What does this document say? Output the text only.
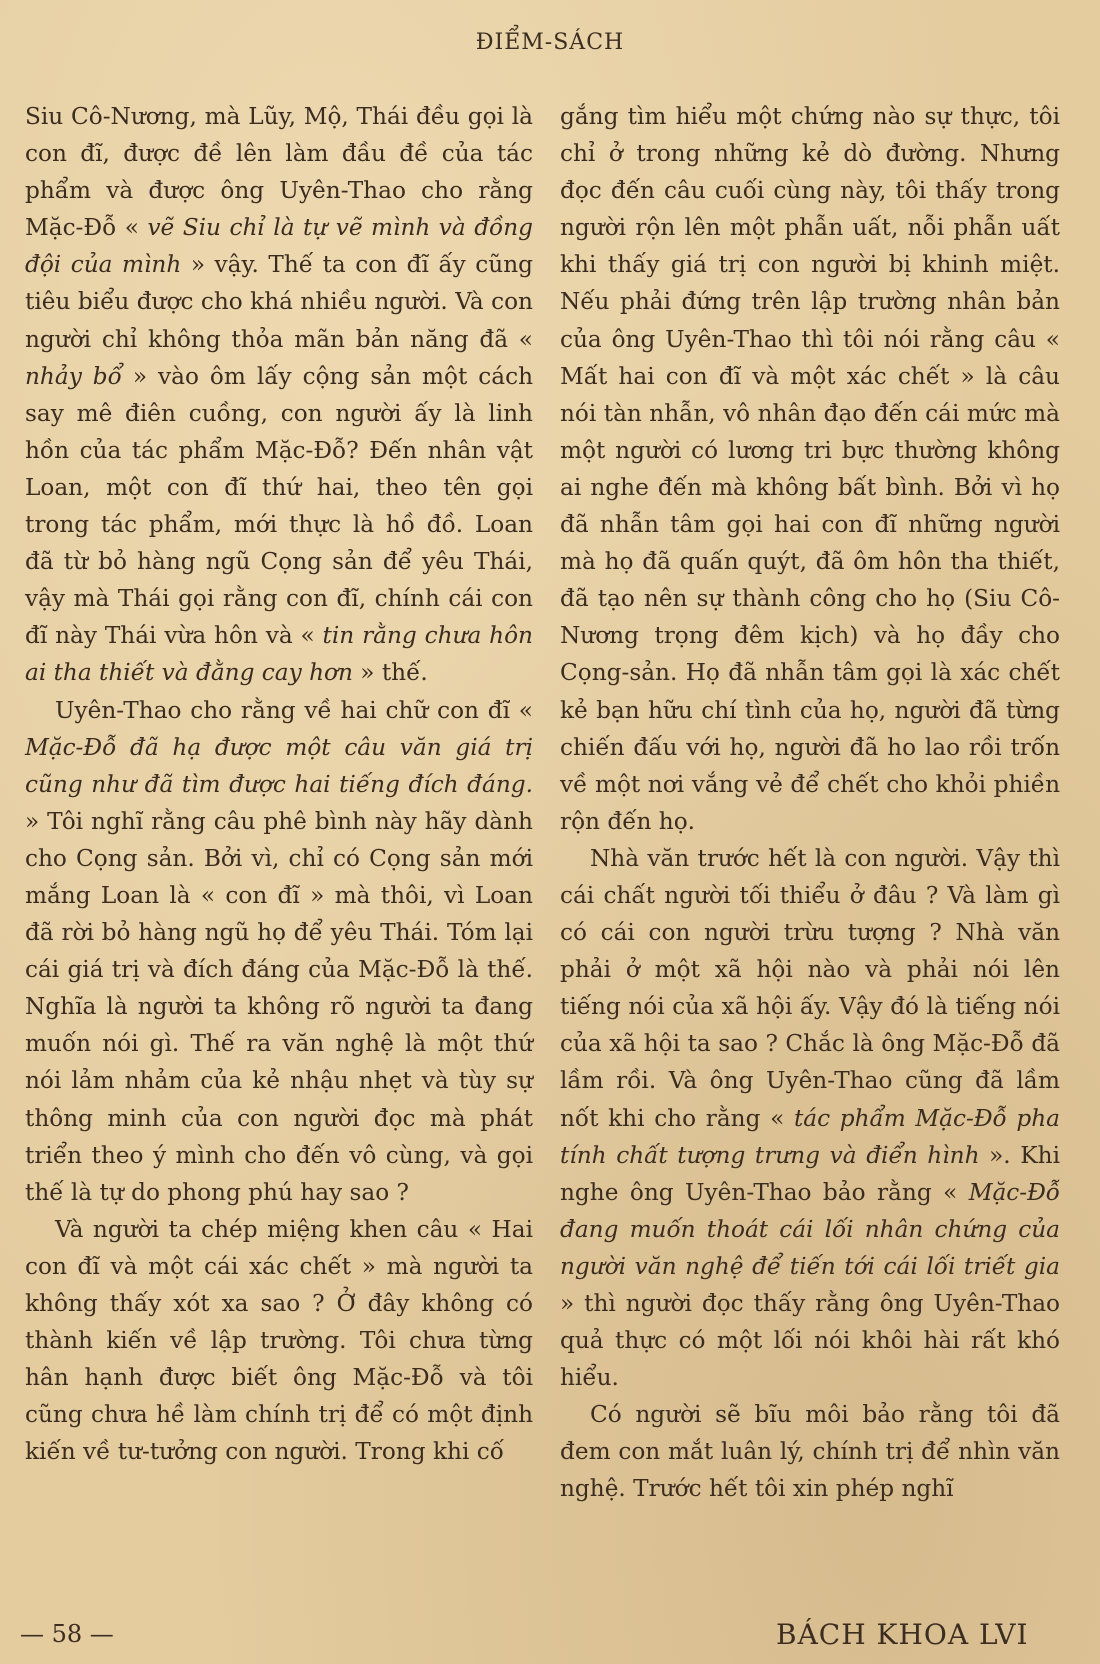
ĐIỂM-SÁCH

Siu Cô-Nương, mà Lũy, Mộ, Thái đều gọi là con đĩ, được đề lên làm đầu đề của tác phẩm và được ông Uyên-Thao cho rằng Mặc-Đỗ « vẽ Siu chỉ là tự vẽ mình và đồng đội của mình » vậy. Thế ta con đĩ ấy cũng tiêu biểu được cho khá nhiều người. Và con người chỉ không thỏa mãn bản năng đã « nhảy bổ » vào ôm lấy cộng sản một cách say mê điên cuồng, con người ấy là linh hồn của tác phẩm Mặc-Đỗ? Đến nhân vật Loan, một con đĩ thứ hai, theo tên gọi trong tác phẩm, mới thực là hồ đồ. Loan đã từ bỏ hàng ngũ Cọng sản để yêu Thái, vậy mà Thái gọi rằng con đĩ, chính cái con đĩ này Thái vừa hôn và « tin rằng chưa hôn ai tha thiết và đằng cay hơn » thế.

Uyên-Thao cho rằng về hai chữ con đĩ « Mặc-Đỗ đã hạ được một câu văn giá trị cũng như đã tìm được hai tiếng đích đáng. » Tôi nghĩ rằng câu phê bình này hãy dành cho Cọng sản. Bởi vì, chỉ có Cọng sản mới mắng Loan là « con đĩ » mà thôi, vì Loan đã rời bỏ hàng ngũ họ để yêu Thái. Tóm lại cái giá trị và đích đáng của Mặc-Đỗ là thế. Nghĩa là người ta không rõ người ta đang muốn nói gì. Thế ra văn nghệ là một thứ nói lảm nhảm của kẻ nhậu nhẹt và tùy sự thông minh của con người đọc mà phát triển theo ý mình cho đến vô cùng, và gọi thế là tự do phong phú hay sao ?

Và người ta chép miệng khen câu « Hai con đĩ và một cái xác chết » mà người ta không thấy xót xa sao ? Ở đây không có thành kiến về lập trường. Tôi chưa từng hân hạnh được biết ông Mặc-Đỗ và tôi cũng chưa hề làm chính trị để có một định kiến về tư-tưởng con người. Trong khi cố

gắng tìm hiểu một chứng nào sự thực, tôi chỉ ở trong những kẻ dò đường. Nhưng đọc đến câu cuối cùng này, tôi thấy trong người rộn lên một phẫn uất, nỗi phẫn uất khi thấy giá trị con người bị khinh miệt. Nếu phải đứng trên lập trường nhân bản của ông Uyên-Thao thì tôi nói rằng câu « Mất hai con đĩ và một xác chết » là câu nói tàn nhẫn, vô nhân đạo đến cái mức mà một người có lương tri bực thường không ai nghe đến mà không bất bình. Bởi vì họ đã nhẫn tâm gọi hai con đĩ những người mà họ đã quấn quýt, đã ôm hôn tha thiết, đã tạo nên sự thành công cho họ (Siu Cô-Nương trọng đêm kịch) và họ đầy cho Cọng-sản. Họ đã nhẫn tâm gọi là xác chết kẻ bạn hữu chí tình của họ, người đã từng chiến đấu với họ, người đã ho lao rồi trốn về một nơi vắng vẻ để chết cho khỏi phiền rộn đến họ.

Nhà văn trước hết là con người. Vậy thì cái chất người tối thiểu ở đâu ? Và làm gì có cái con người trừu tượng ? Nhà văn phải ở một xã hội nào và phải nói lên tiếng nói của xã hội ấy. Vậy đó là tiếng nói của xã hội ta sao ? Chắc là ông Mặc-Đỗ đã lầm rồi. Và ông Uyên-Thao cũng đã lầm nốt khi cho rằng « tác phẩm Mặc-Đỗ pha tính chất tượng trưng và điển hình ». Khi nghe ông Uyên-Thao bảo rằng « Mặc-Đỗ đang muốn thoát cái lối nhân chứng của người văn nghệ để tiến tới cái lối triết gia » thì người đọc thấy rằng ông Uyên-Thao quả thực có một lối nói khôi hài rất khó hiểu.

Có người sẽ bĩu môi bảo rằng tôi đã đem con mắt luân lý, chính trị để nhìn văn nghệ. Trước hết tôi xin phép nghĩ

— 58 —	BÁCH KHOA LVI
